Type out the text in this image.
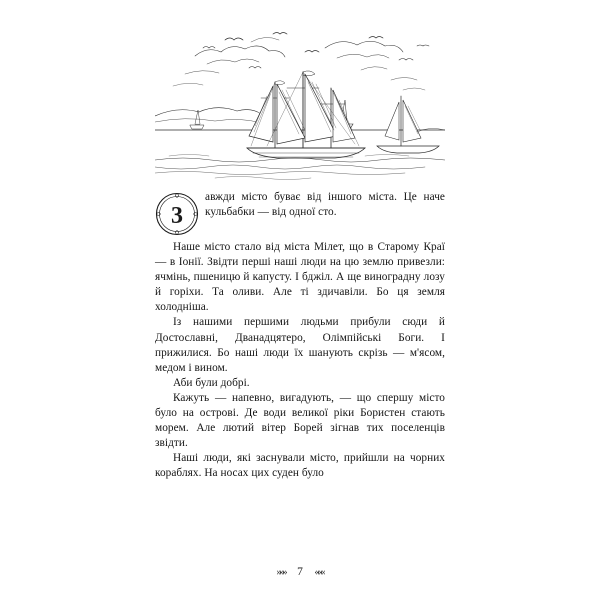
3

авжди місто буває від іншого міста. Це наче кульбабки — від одної сто.

Наше місто стало від міста Мілет, що в Старому Краї — в Іонії. Звідти перші наші люди на цю землю привезли: ячмінь, пшеницю й капусту. І бджіл. А ще виноградну лозу й горіхи. Та оливи. Але ті здичавіли. Бо ця земля холодніша.

Із нашими першими людьми прибули сюди й Достославні, Дванадцятеро, Олімпійські Боги. І прижилися. Бо наші люди їх шанують скрізь — м'ясом, медом і вином.

Аби були добрі.

Кажуть — напевно, вигадують, — що спершу місто було на острові. Де води великої ріки Бористен стають морем. Але лютий вітер Борей зігнав тих поселенців звідти.

Наші люди, які заснували місто, прийшли на чорних кораблях. На носах цих суден було

»»» 7 «««
